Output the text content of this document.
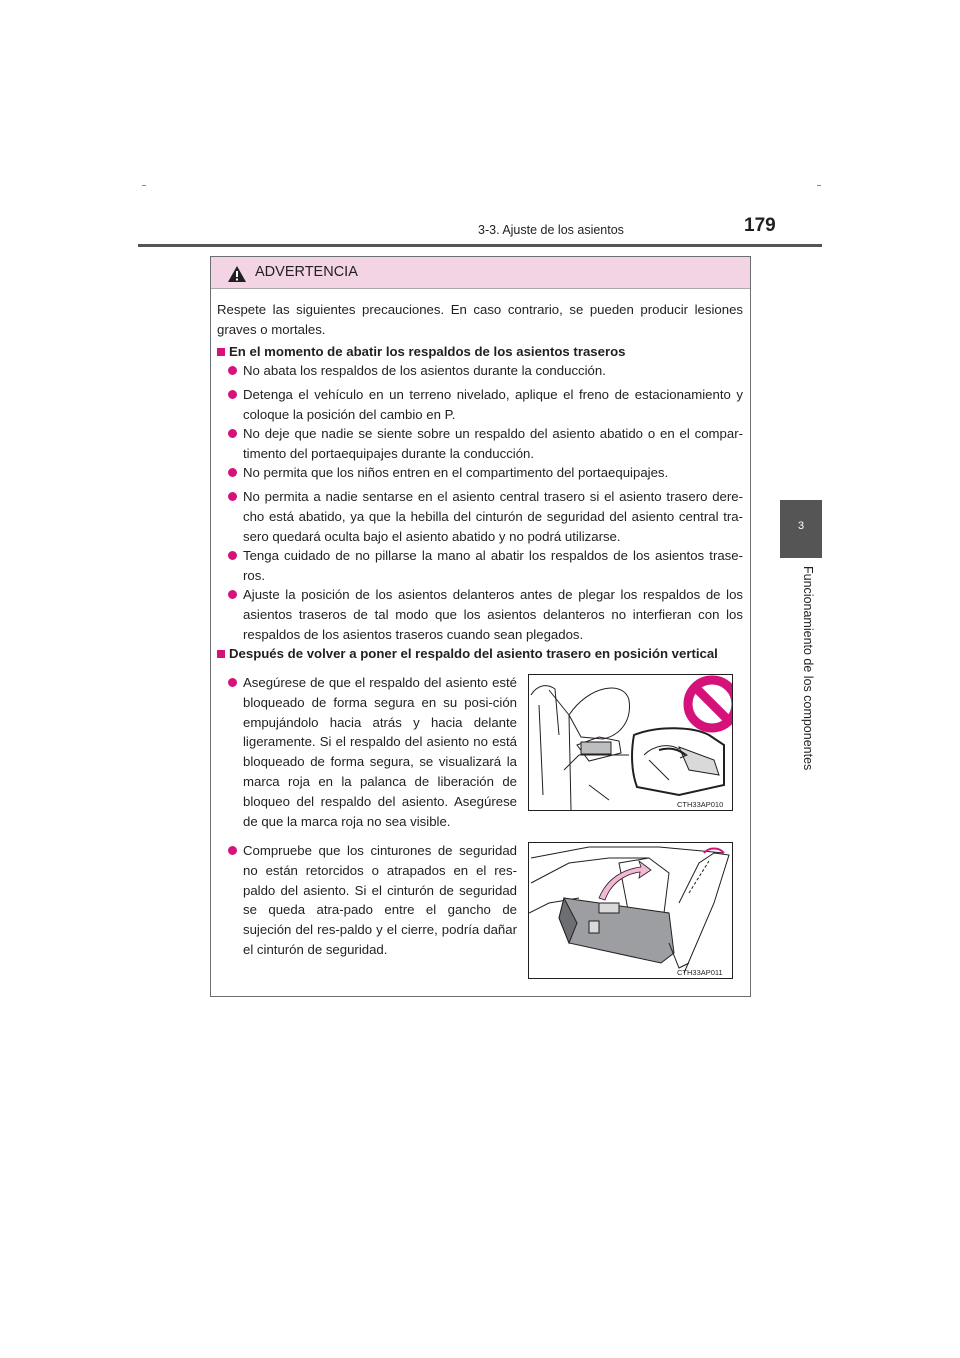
3-3. Ajuste de los asientos	179
3
Funcionamiento de los componentes
ADVERTENCIA
Respete las siguientes precauciones. En caso contrario, se pueden producir lesiones graves o mortales.
En el momento de abatir los respaldos de los asientos traseros
No abata los respaldos de los asientos durante la conducción.
Detenga el vehículo en un terreno nivelado, aplique el freno de estacionamiento y coloque la posición del cambio en P.
No deje que nadie se siente sobre un respaldo del asiento abatido o en el compar-timento del portaequipajes durante la conducción.
No permita que los niños entren en el compartimento del portaequipajes.
No permita a nadie sentarse en el asiento central trasero si el asiento trasero dere-cho está abatido, ya que la hebilla del cinturón de seguridad del asiento central tra-sero quedará oculta bajo el asiento abatido y no podrá utilizarse.
Tenga cuidado de no pillarse la mano al abatir los respaldos de los asientos trase-ros.
Ajuste la posición de los asientos delanteros antes de plegar los respaldos de los asientos traseros de tal modo que los asientos delanteros no interfieran con los respaldos de los asientos traseros cuando sean plegados.
Después de volver a poner el respaldo del asiento trasero en posición vertical
Asegúrese de que el respaldo del asiento esté bloqueado de forma segura en su posi-ción empujándolo hacia atrás y hacia delante ligeramente. Si el respaldo del asiento no está bloqueado de forma segura, se visualizará la marca roja en la palanca de liberación de bloqueo del respaldo del asiento. Asegúrese de que la marca roja no sea visible.
Compruebe que los cinturones de seguridad no están retorcidos o atrapados en el res-paldo del asiento. Si el cinturón de seguridad se queda atra-pado entre el gancho de sujeción del res-paldo y el cierre, podría dañar el cinturón de seguridad.
CTH33AP010
CTH33AP011
